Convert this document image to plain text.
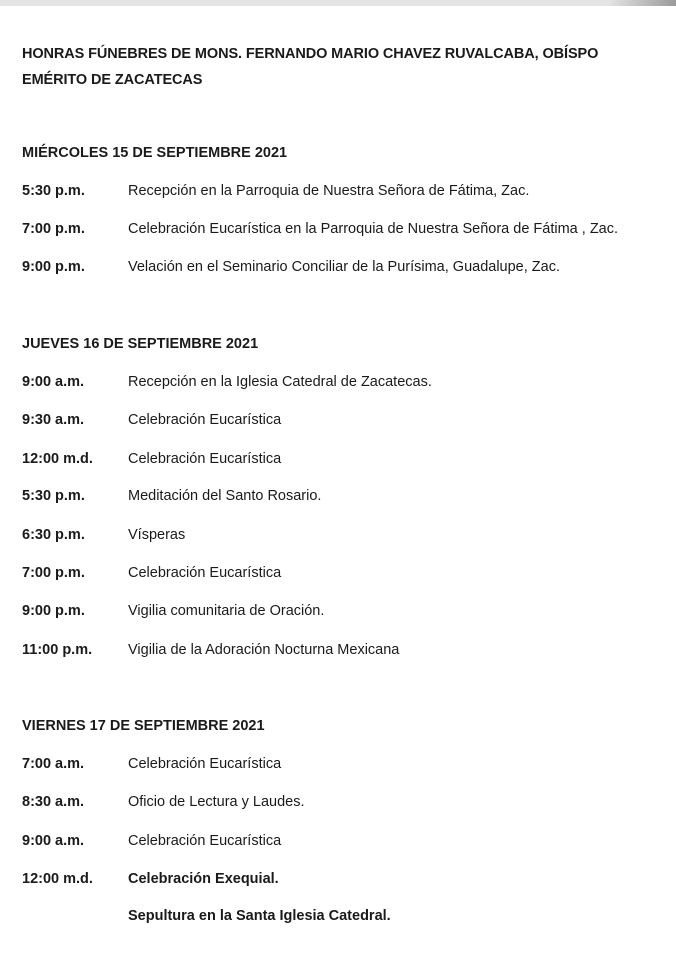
HONRAS FÚNEBRES DE MONS. FERNANDO MARIO CHAVEZ RUVALCABA, OBÍSPO EMÉRITO DE ZACATECAS
MIÉRCOLES 15 DE SEPTIEMBRE 2021
5:30 p.m.	Recepción en la Parroquia de Nuestra Señora de Fátima, Zac.
7:00 p.m.	Celebración Eucarística en la Parroquia de Nuestra Señora de Fátima , Zac.
9:00 p.m.	Velación en el Seminario Conciliar de la Purísima, Guadalupe, Zac.
JUEVES 16 DE SEPTIEMBRE 2021
9:00 a.m.	Recepción en la Iglesia Catedral de Zacatecas.
9:30 a.m.	Celebración Eucarística
12:00 m.d. Celebración Eucarística
5:30 p.m.	Meditación del Santo Rosario.
6:30 p.m.	Vísperas
7:00 p.m.	Celebración Eucarística
9:00 p.m.	Vigilia comunitaria de Oración.
11:00 p.m. Vigilia de la Adoración Nocturna Mexicana
VIERNES 17 DE SEPTIEMBRE 2021
7:00 a.m.	Celebración Eucarística
8:30 a.m.	Oficio de Lectura y Laudes.
9:00 a.m.	Celebración Eucarística
12:00 m.d. Celebración Exequial.
Sepultura en la Santa Iglesia Catedral.
